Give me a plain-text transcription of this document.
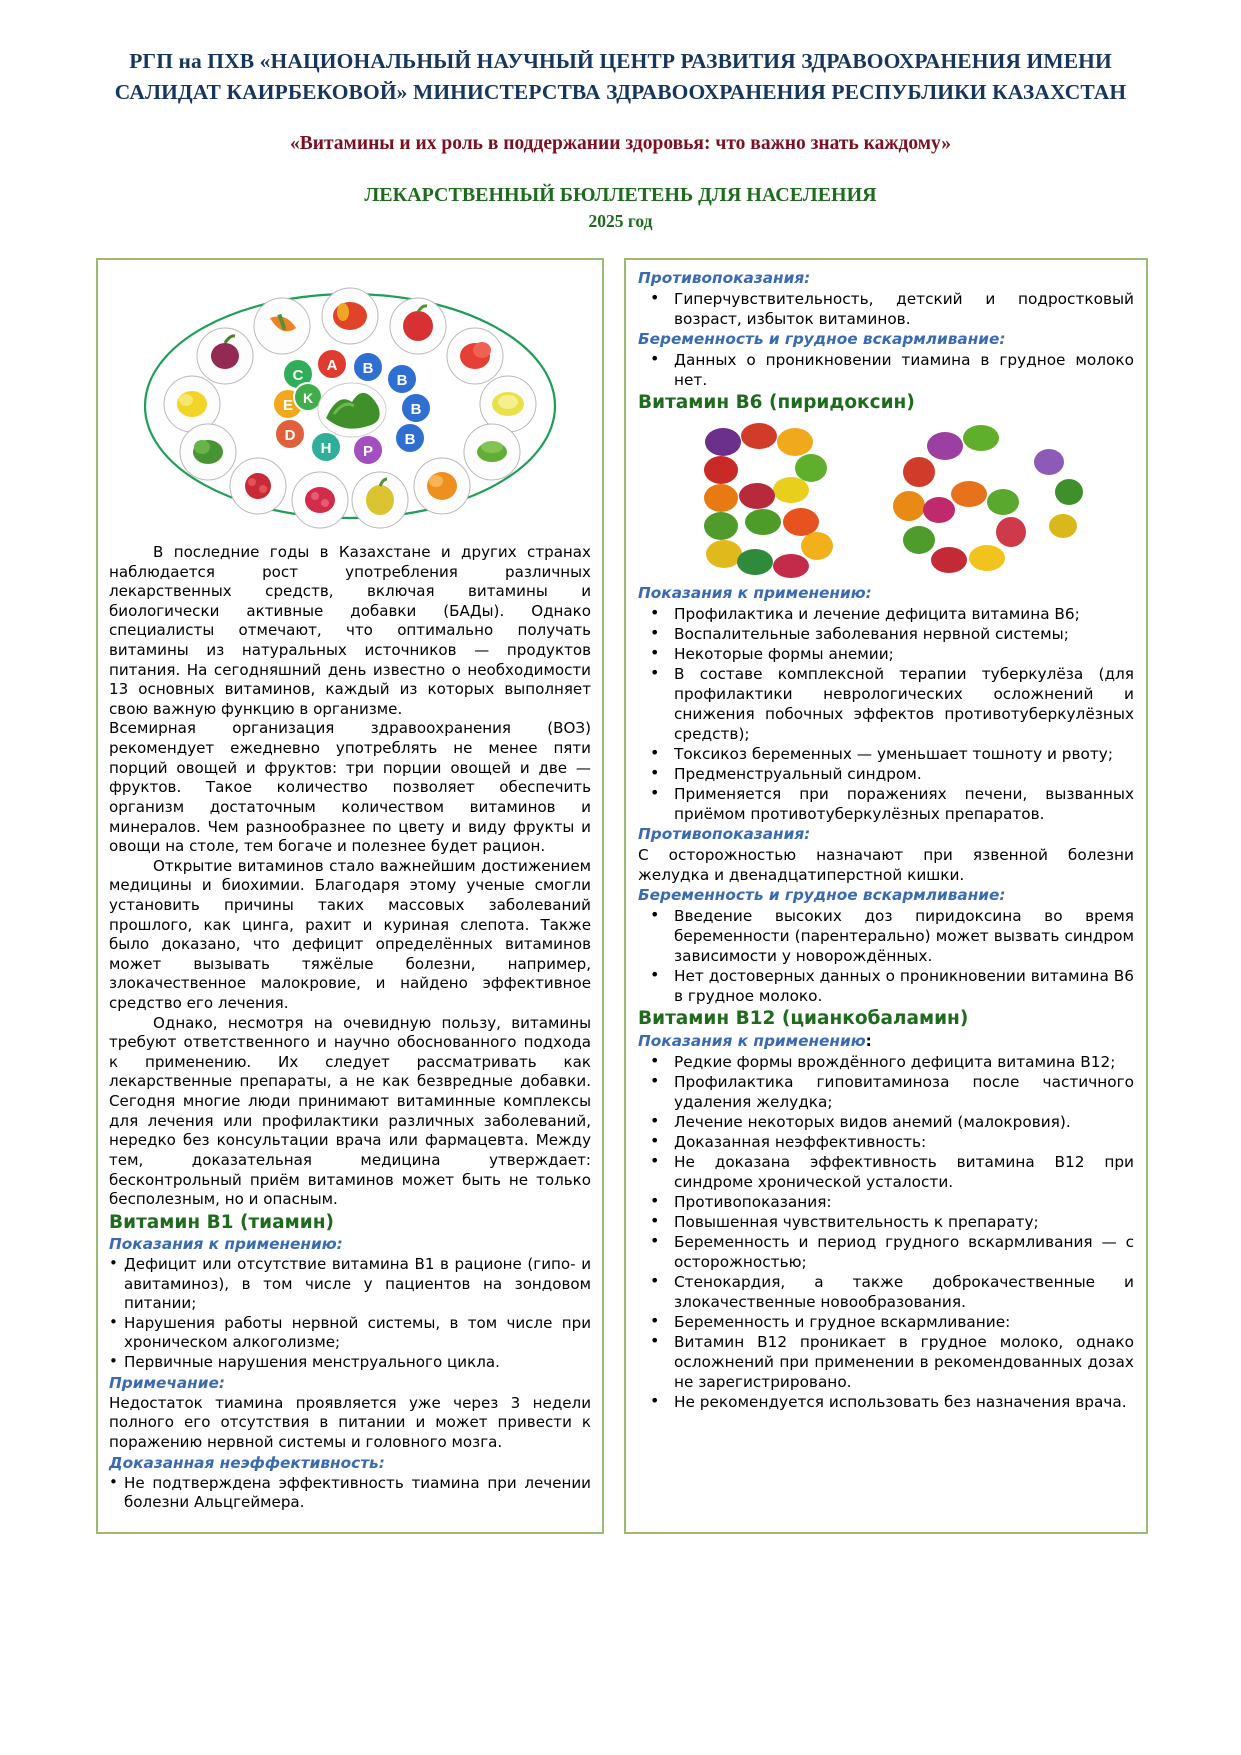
РГП на ПХВ «НАЦИОНАЛЬНЫЙ НАУЧНЫЙ ЦЕНТР РАЗВИТИЯ ЗДРАВООХРАНЕНИЯ ИМЕНИ САЛИДАТ КАИРБЕКОВОЙ» МИНИСТЕРСТВА ЗДРАВООХРАНЕНИЯ РЕСПУБЛИКИ КАЗАХСТАН
«Витамины и их роль в поддержании здоровья: что важно знать каждому»
ЛЕКАРСТВЕННЫЙ БЮЛЛЕТЕНЬ ДЛЯ НАСЕЛЕНИЯ
2025 год
C
A B
B
B
B
E K
D
H P

В последние годы в Казахстане и других странах наблюдается рост употребления различных лекарственных средств, включая витамины и биологически активные добавки (БАДы). Однако специалисты отмечают, что оптимально получать витамины из натуральных источников — продуктов питания. На сегодняшний день известно о необходимости 13 основных витаминов, каждый из которых выполняет свою важную функцию в организме.

Всемирная организация здравоохранения (ВОЗ) рекомендует ежедневно употреблять не менее пяти порций овощей и фруктов: три порции овощей и две — фруктов. Такое количество позволяет обеспечить организм достаточным количеством витаминов и минералов. Чем разнообразнее по цвету и виду фрукты и овощи на столе, тем богаче и полезнее будет рацион.

Открытие витаминов стало важнейшим достижением медицины и биохимии. Благодаря этому ученые смогли установить причины таких массовых заболеваний прошлого, как цинга, рахит и куриная слепота. Также было доказано, что дефицит определённых витаминов может вызывать тяжёлые болезни, например, злокачественное малокровие, и найдено эффективное средство его лечения.

Однако, несмотря на очевидную пользу, витамины требуют ответственного и научно обоснованного подхода к применению. Их следует рассматривать как лекарственные препараты, а не как безвредные добавки. Сегодня многие люди принимают витаминные комплексы для лечения или профилактики различных заболеваний, нередко без консультации врача или фармацевта. Между тем, доказательная медицина утверждает: бесконтрольный приём витаминов может быть не только бесполезным, но и опасным.

Витамин В1 (тиамин)
Показания к применению:
• Дефицит или отсутствие витамина В1 в рационе (гипо- и авитаминоз), в том числе у пациентов на зондовом питании;
• Нарушения работы нервной системы, в том числе при хроническом алкоголизме;
• Первичные нарушения менструального цикла.
Примечание:

Недостаток тиамина проявляется уже через 3 недели полного его отсутствия в питании и может привести к поражению нервной системы и головного мозга.

Доказанная неэффективность:
• Не подтверждена эффективность тиамина при лечении болезни Альцгеймера.
Противопоказания:
• Гиперчувствительность, детский и подростковый возраст, избыток витаминов.
Беременность и грудное вскармливание:
• Данных о проникновении тиамина в грудное молоко нет.
Витамин В6 (пиридоксин)
Показания к применению:
• Профилактика и лечение дефицита витамина В6;
• Воспалительные заболевания нервной системы;
• Некоторые формы анемии;
• В составе комплексной терапии туберкулёза (для профилактики неврологических осложнений и снижения побочных эффектов противотуберкулёзных средств);
• Токсикоз беременных — уменьшает тошноту и рвоту;
• Предменструальный синдром.
• Применяется при поражениях печени, вызванных приёмом противотуберкулёзных препаратов.
Противопоказания:

С осторожностью назначают при язвенной болезни желудка и двенадцатиперстной кишки.

Беременность и грудное вскармливание:
• Введение высоких доз пиридоксина во время беременности (парентерально) может вызвать синдром зависимости у новорождённых.
• Нет достоверных данных о проникновении витамина В6 в грудное молоко.
Витамин В12 (цианкобаламин)
Показания к применению:
• Редкие формы врождённого дефицита витамина В12;
• Профилактика гиповитаминоза после частичного удаления желудка;
• Лечение некоторых видов анемий (малокровия).
• Доказанная неэффективность:
• Не доказана эффективность витамина В12 при синдроме хронической усталости.
• Противопоказания:
• Повышенная чувствительность к препарату;
• Беременность и период грудного вскармливания — с осторожностью;
• Стенокардия, а также доброкачественные и злокачественные новообразования.
• Беременность и грудное вскармливание:
• Витамин В12 проникает в грудное молоко, однако осложнений при применении в рекомендованных дозах не зарегистрировано.
• Не рекомендуется использовать без назначения врача.
